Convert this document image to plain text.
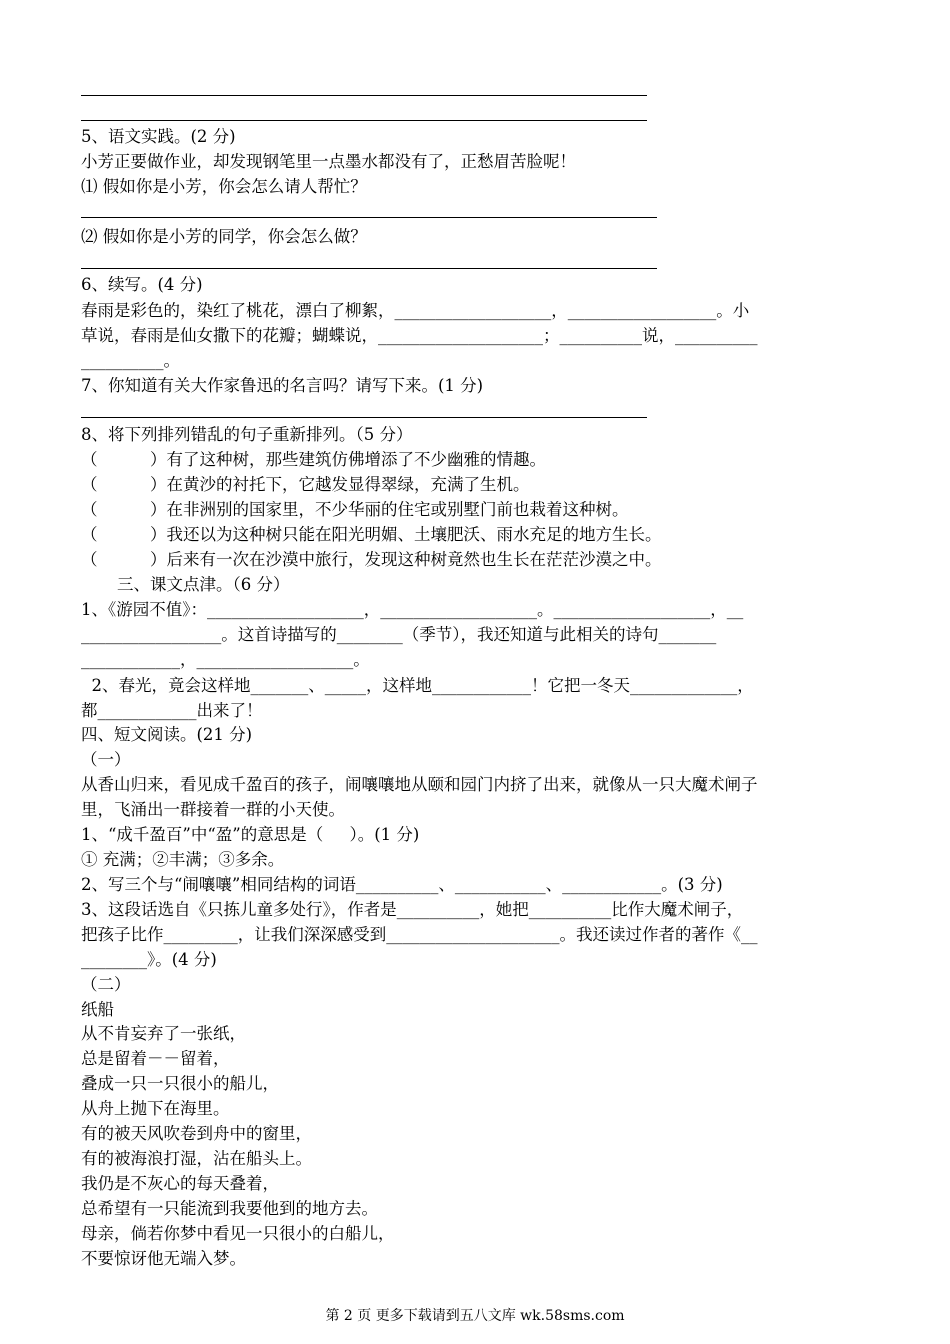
5、语文实践。(2 分)
小芳正要做作业，却发现钢笔里一点墨水都没有了，正愁眉苦脸呢！
⑴ 假如你是小芳，你会怎么请人帮忙？
⑵ 假如你是小芳的同学，你会怎么做？
6、续写。(4 分)
春雨是彩色的，染红了桃花，漂白了柳絮，___________________，__________________。小
草说，春雨是仙女撒下的花瓣；蝴蝶说，____________________；__________说，__________
__________。
7、你知道有关大作家鲁迅的名言吗？请写下来。(1 分)
8、将下列排列错乱的句子重新排列。（5 分）
（          ）有了这种树，那些建筑仿佛增添了不少幽雅的情趣。
（          ）在黄沙的衬托下，它越发显得翠绿，充满了生机。
（          ）在非洲别的国家里，不少华丽的住宅或别墅门前也栽着这种树。
（          ）我还以为这种树只能在阳光明媚、土壤肥沃、雨水充足的地方生长。
（          ）后来有一次在沙漠中旅行，发现这种树竟然也生长在茫茫沙漠之中。
三、课文点津。（6 分）
1、《游园不值》：___________________，___________________。___________________，__
_________________。这首诗描写的________（季节），我还知道与此相关的诗句_______
____________，___________________。
2、春光，竟会这样地_______、_____，这样地____________！它把一冬天_____________，
都____________出来了！
四、短文阅读。(21 分)
（一）
从香山归来，看见成千盈百的孩子，闹嚷嚷地从颐和园门内挤了出来，就像从一只大魔术闸子
里，飞涌出一群接着一群的小天使。
1、“成千盈百”中“盈”的意思是（     ）。(1 分)
① 充满；②丰满；③多余。
2、写三个与“闹嚷嚷”相同结构的词语__________、___________、____________。(3 分)
3、这段话选自《只拣儿童多处行》，作者是__________，她把__________比作大魔术闸子，
把孩子比作_________，让我们深深感受到_____________________。我还读过作者的著作《__
________》。(4 分)
（二）
纸船
从不肯妄弃了一张纸，
总是留着－－留着，
叠成一只一只很小的船儿，
从舟上抛下在海里。
有的被天风吹卷到舟中的窗里，
有的被海浪打湿，沾在船头上。
我仍是不灰心的每天叠着，
总希望有一只能流到我要他到的地方去。
母亲，倘若你梦中看见一只很小的白船儿，
不要惊讶他无端入梦。
第 2 页 更多下载请到五八文库 wk.58sms.com
